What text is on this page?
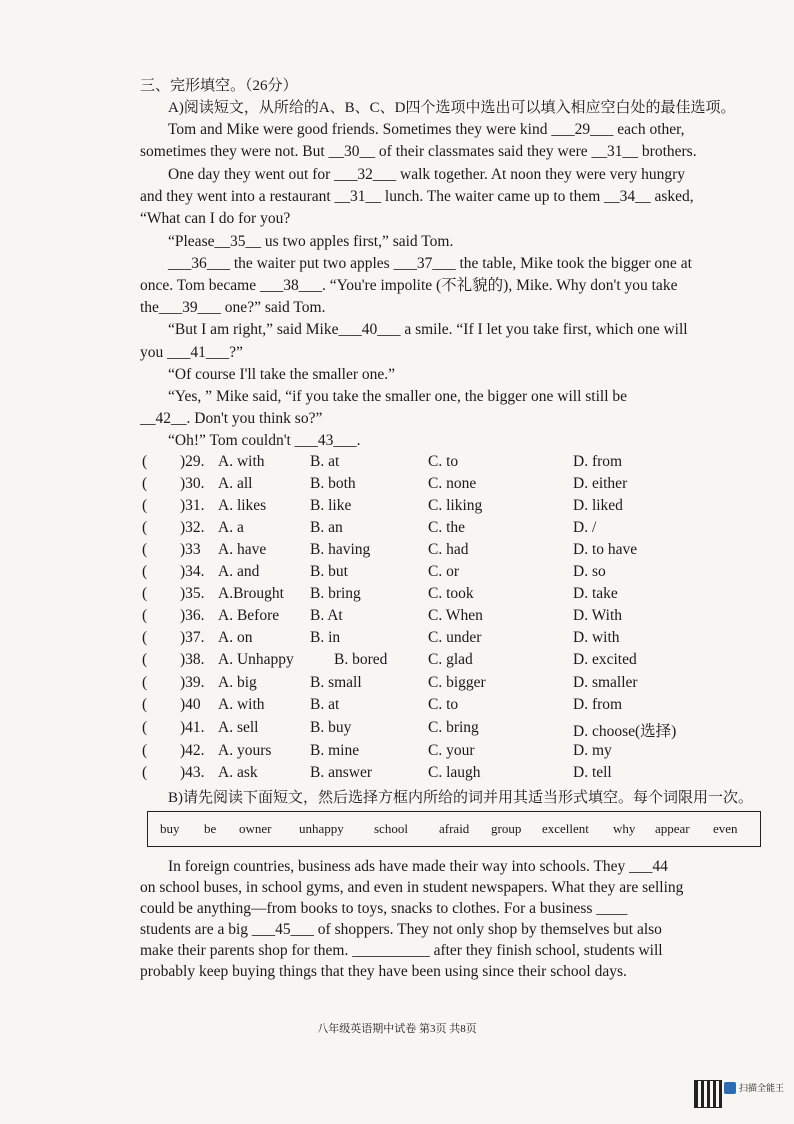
三、完形填空。（26分）
A)阅读短文，从所给的A、B、C、D四个选项中选出可以填入相应空白处的最佳选项。
Tom and Mike were good friends. Sometimes they were kind ___29___ each other,
sometimes they were not. But __30__ of their classmates said they were __31__ brothers.
One day they went out for ___32___ walk together. At noon they were very hungry
and they went into a restaurant __31__ lunch. The waiter came up to them __34__ asked,
“What can I do for you?
“Please__35__ us two apples first,” said Tom.
___36___ the waiter put two apples ___37___ the table, Mike took the bigger one at
once. Tom became ___38___. “You're impolite (不礼貌的), Mike. Why don't you take
the___39___ one?” said Tom.
“But I am right,” said Mike___40___ a smile. “If I let you take first, which one will
you ___41___?”
“Of course I'll take the smaller one.”
“Yes, ” Mike said, “if you take the smaller one, the bigger one will still be
__42__. Don't you think so?”
“Oh!” Tom couldn't ___43___.
( )29. A. with	B. at	C. to	D. from
( )30. A. all	B. both	C. none	D. either
( )31. A. likes	B. like	C. liking	D. liked
( )32. A. a	B. an	C. the	D. /
( )33 A. have	B. having	C. had	D. to have
( )34. A. and	B. but	C. or	D. so
( )35. A.Brought B. bring	C. took	D. take
( )36. A. Before B. At	C. When	D. With
( )37. A. on	B. in	C. under	D. with
( )38. A. Unhappy	B. bored	C. glad	D. excited
( )39. A. big	B. small	C. bigger	D. smaller
( )40 A. with	B. at	C. to	D. from
( )41. A. sell	B. buy	C. bring	D. choose(选择)
( )42. A. yours B. mine	C. your	D. my
( )43. A. ask	B. answer	C. laugh	D. tell
B)请先阅读下面短文，然后选择方框内所给的词并用其适当形式填空。每个词限用一次。
buy be owner unhappy school afraid group excellent why appear even
In foreign countries, business ads have made their way into schools. They ___44
on school buses, in school gyms, and even in student newspapers. What they are selling
could be anything—from books to toys, snacks to clothes. For a business ____
students are a big ___45___ of shoppers. They not only shop by themselves but also
make their parents shop for them. __________ after they finish school, students will
probably keep buying things that they have been using since their school days.
八年级英语期中试卷 第3页 共8页
扫描全能王
